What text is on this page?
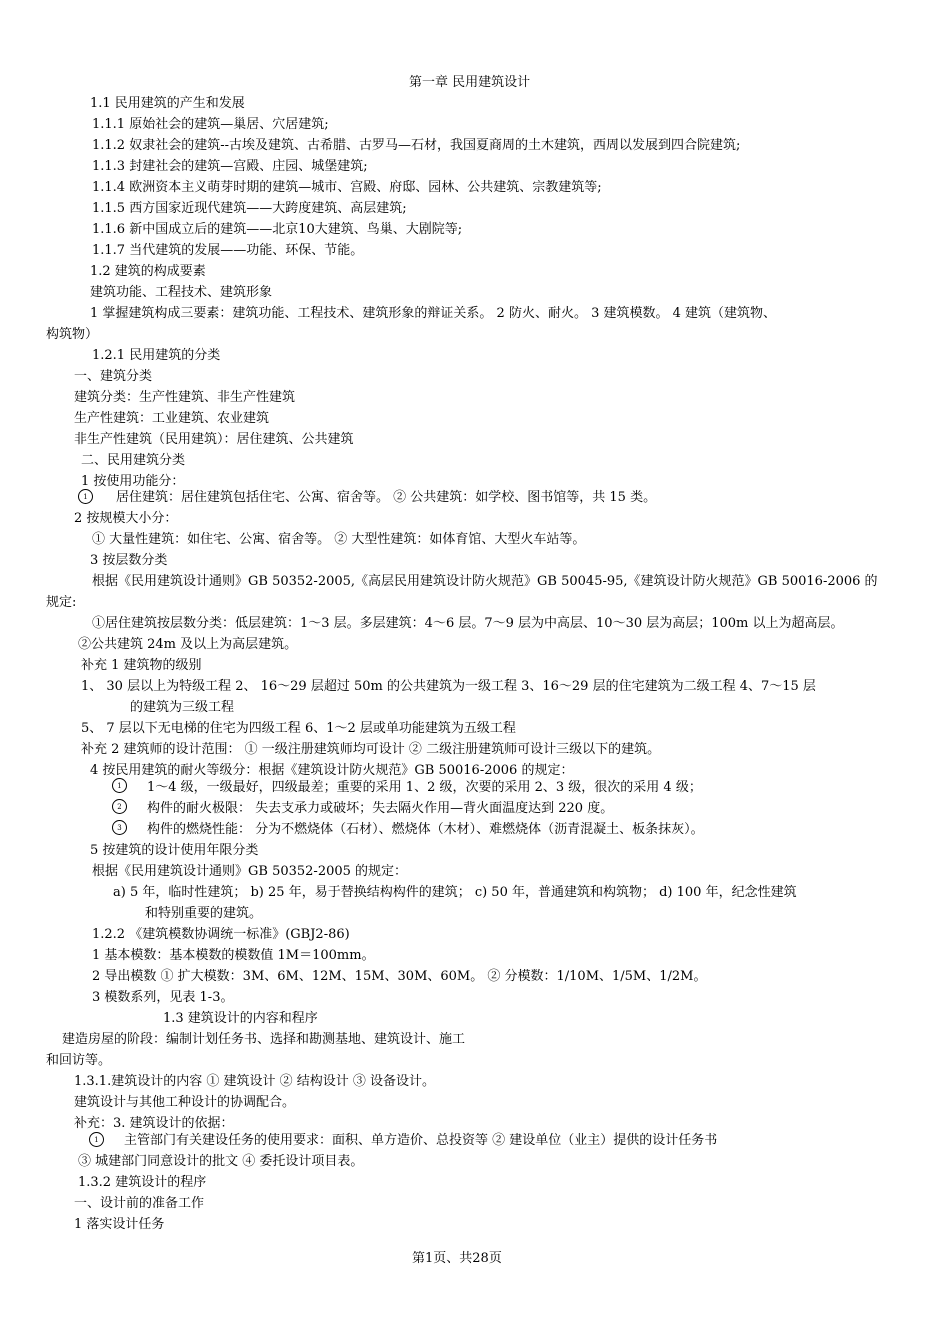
第一章 民用建筑设计
1.1 民用建筑的产生和发展
1.1.1 原始社会的建筑—巢居、穴居建筑;
1.1.2 奴隶社会的建筑--古埃及建筑、古希腊、古罗马—石材，我国夏商周的土木建筑，西周以发展到四合院建筑;
1.1.3 封建社会的建筑—宫殿、庄园、城堡建筑;
1.1.4 欧洲资本主义萌芽时期的建筑—城市、宫殿、府邸、园林、公共建筑、宗教建筑等;
1.1.5 西方国家近现代建筑——大跨度建筑、高层建筑;
1.1.6 新中国成立后的建筑——北京10大建筑、鸟巢、大剧院等;
1.1.7 当代建筑的发展——功能、环保、节能。
1.2 建筑的构成要素
建筑功能、工程技术、建筑形象
1 掌握建筑构成三要素：建筑功能、工程技术、建筑形象的辩证关系。 2 防火、耐火。 3 建筑模数。 4 建筑（建筑物、
构筑物）
1.2.1 民用建筑的分类
一、建筑分类
建筑分类：生产性建筑、非生产性建筑
生产性建筑：工业建筑、农业建筑
非生产性建筑（民用建筑）：居住建筑、公共建筑
二、民用建筑分类
1 按使用功能分：
1	居住建筑：居住建筑包括住宅、公寓、宿舍等。 ② 公共建筑：如学校、图书馆等，共 15 类。
2 按规模大小分：
① 大量性建筑：如住宅、公寓、宿舍等。 ② 大型性建筑：如体育馆、大型火车站等。
3 按层数分类
根据《民用建筑设计通则》GB 50352-2005,《高层民用建筑设计防火规范》GB 50045-95,《建筑设计防火规范》GB 50016-2006 的
规定:
①居住建筑按层数分类：低层建筑：1～3 层。多层建筑：4～6 层。7～9 层为中高层、10～30 层为高层；100m 以上为超高层。
②公共建筑 24m 及以上为高层建筑。
补充 1 建筑物的级别
1、 30 层以上为特级工程 2、 16～29 层超过 50m 的公共建筑为一级工程 3、16～29 层的住宅建筑为二级工程 4、7～15 层
的建筑为三级工程
5、 7 层以下无电梯的住宅为四级工程 6、1～2 层或单功能建筑为五级工程
补充 2 建筑师的设计范围： ① 一级注册建筑师均可设计 ② 二级注册建筑师可设计三级以下的建筑。
4 按民用建筑的耐火等级分：根据《建筑设计防火规范》GB 50016-2006 的规定：
1	1～4 级，一级最好，四级最差；重要的采用 1、2 级，次要的采用 2、3 级，很次的采用 4 级；
2	构件的耐火极限： 失去支承力或破坏；失去隔火作用—背火面温度达到 220 度。
3	构件的燃烧性能： 分为不燃烧体（石材）、燃烧体（木材）、难燃烧体（沥青混凝土、板条抹灰）。
5 按建筑的设计使用年限分类
根据《民用建筑设计通则》GB 50352-2005 的规定：
a) 5 年，临时性建筑； b) 25 年，易于替换结构构件的建筑； c) 50 年，普通建筑和构筑物； d) 100 年，纪念性建筑
和特别重要的建筑。
1.2.2 《建筑模数协调统一标准》(GBJ2-86)
1 基本模数：基本模数的模数值 1M＝100mm。
2 导出模数 ① 扩大模数：3M、6M、12M、15M、30M、60M。 ② 分模数：1/10M、1/5M、1/2M。
3 模数系列，见表 1-3。
1.3 建筑设计的内容和程序
建造房屋的阶段：编制计划任务书、选择和勘测基地、建筑设计、施工
和回访等。
1.3.1.建筑设计的内容 ① 建筑设计 ② 结构设计 ③ 设备设计。
建筑设计与其他工种设计的协调配合。
补充：3. 建筑设计的依据：
1	主管部门有关建设任务的使用要求：面积、单方造价、总投资等 ② 建设单位（业主）提供的设计任务书
③ 城建部门同意设计的批文 ④ 委托设计项目表。
1.3.2 建筑设计的程序
一、设计前的准备工作
1 落实设计任务
第1页、共28页
